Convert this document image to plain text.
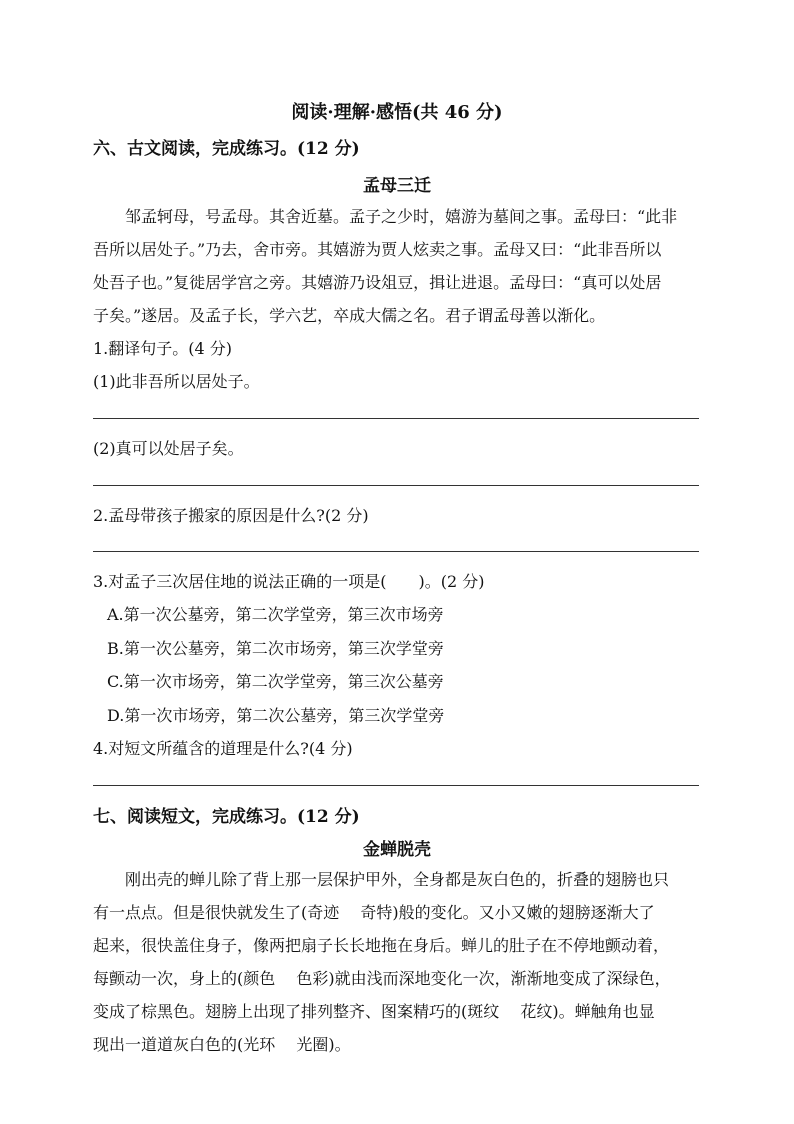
阅读·理解·感悟(共 46 分)
六、古文阅读，完成练习。(12 分)
孟母三迁

　　邹孟轲母，号孟母。其舍近墓。孟子之少时，嬉游为墓间之事。孟母曰：“此非

吾所以居处子。”乃去，舍市旁。其嬉游为贾人炫卖之事。孟母又曰：“此非吾所以

处吾子也。”复徙居学宫之旁。其嬉游乃设俎豆，揖让进退。孟母曰：“真可以处居

子矣。”遂居。及孟子长，学六艺，卒成大儒之名。君子谓孟母善以渐化。

1.翻译句子。(4 分)
(1)此非吾所以居处子。
(2)真可以处居子矣。
2.孟母带孩子搬家的原因是什么?(2 分)
3.对孟子三次居住地的说法正确的一项是(　　)。(2 分)
A.第一次公墓旁，第二次学堂旁，第三次市场旁
B.第一次公墓旁，第二次市场旁，第三次学堂旁
C.第一次市场旁，第二次学堂旁，第三次公墓旁
D.第一次市场旁，第二次公墓旁，第三次学堂旁
4.对短文所蕴含的道理是什么?(4 分)
七、阅读短文，完成练习。(12 分)
金蝉脱壳

　　刚出壳的蝉儿除了背上那一层保护甲外，全身都是灰白色的，折叠的翅膀也只

有一点点。但是很快就发生了(奇迹　 奇特)般的变化。又小又嫩的翅膀逐渐大了

起来，很快盖住身子，像两把扇子长长地拖在身后。蝉儿的肚子在不停地颤动着，

每颤动一次，身上的(颜色　 色彩)就由浅而深地变化一次，渐渐地变成了深绿色，

变成了棕黑色。翅膀上出现了排列整齐、图案精巧的(斑纹　 花纹)。蝉触角也显

现出一道道灰白色的(光环　 光圈)。
